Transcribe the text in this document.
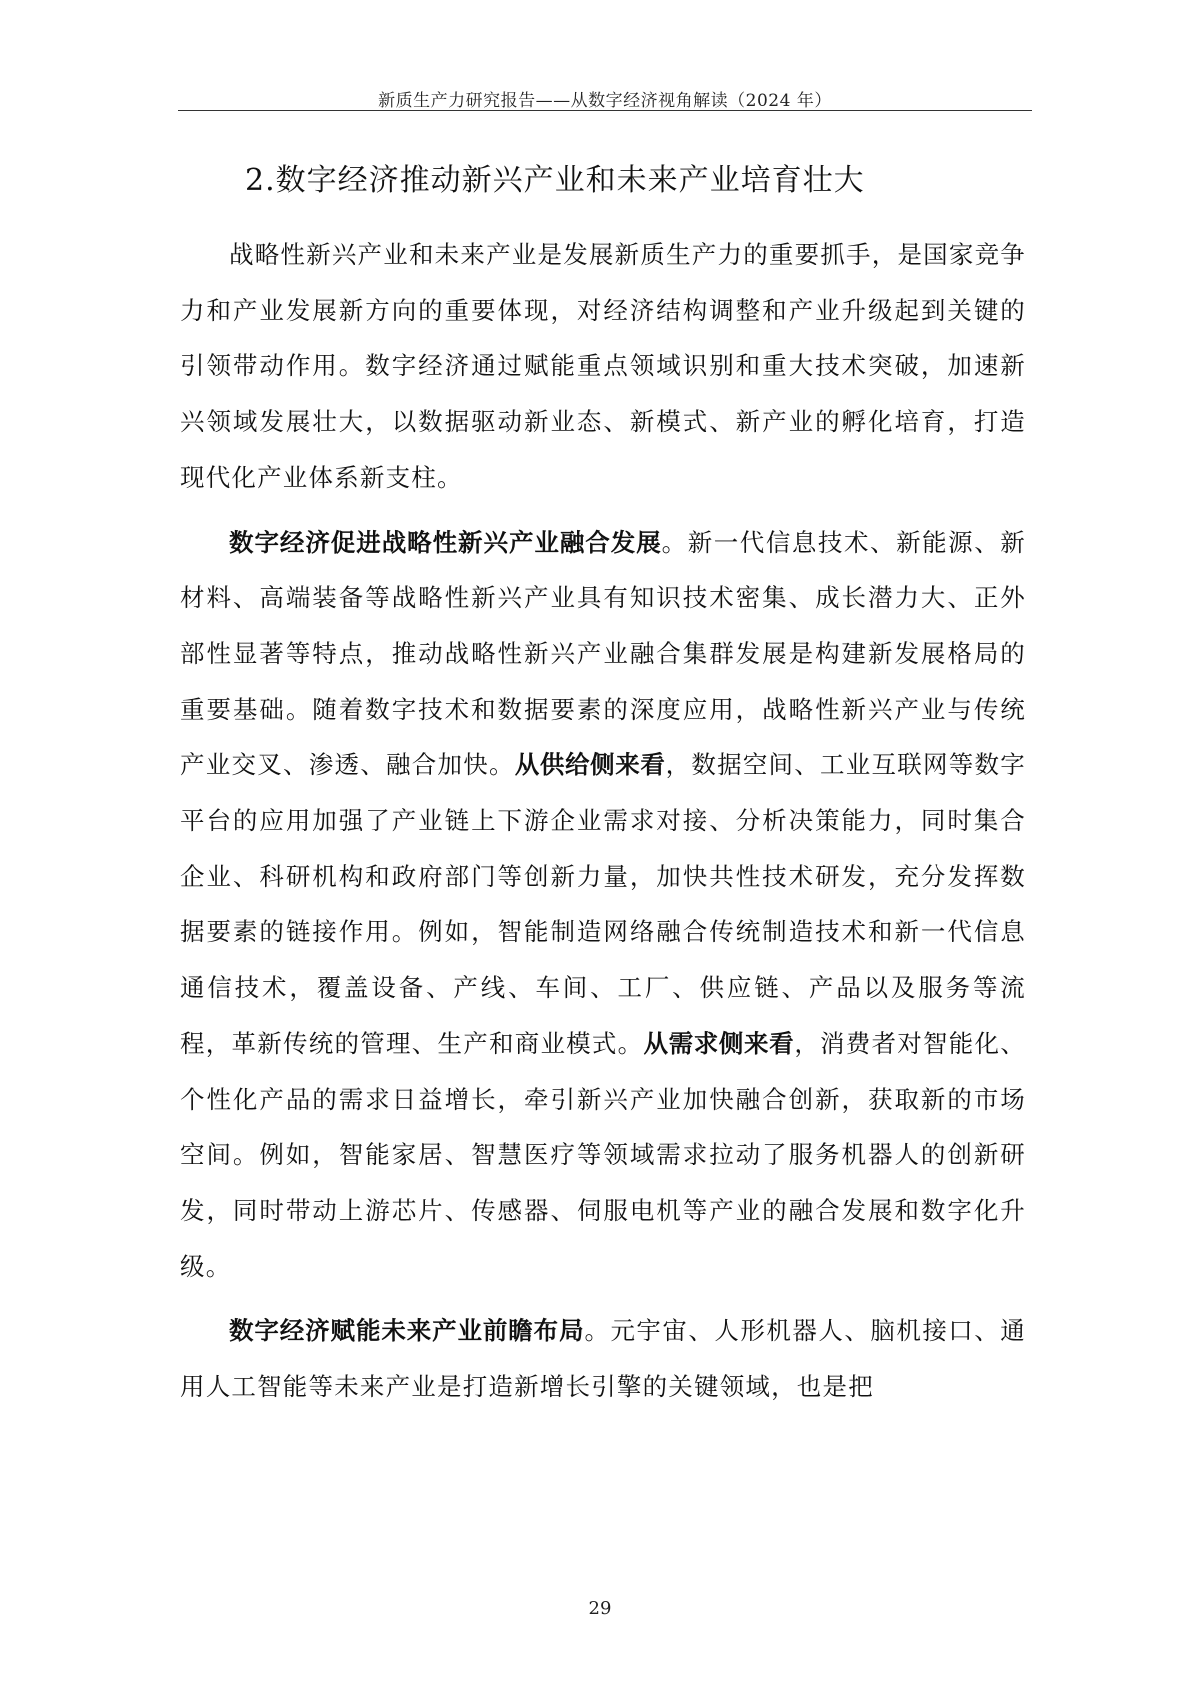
新质生产力研究报告——从数字经济视角解读（2024 年）
2.数字经济推动新兴产业和未来产业培育壮大

战略性新兴产业和未来产业是发展新质生产力的重要抓手，是国家竞争力和产业发展新方向的重要体现，对经济结构调整和产业升级起到关键的引领带动作用。数字经济通过赋能重点领域识别和重大技术突破，加速新兴领域发展壮大，以数据驱动新业态、新模式、新产业的孵化培育，打造现代化产业体系新支柱。

数字经济促进战略性新兴产业融合发展。新一代信息技术、新能源、新材料、高端装备等战略性新兴产业具有知识技术密集、成长潜力大、正外部性显著等特点，推动战略性新兴产业融合集群发展是构建新发展格局的重要基础。随着数字技术和数据要素的深度应用，战略性新兴产业与传统产业交叉、渗透、融合加快。从供给侧来看，数据空间、工业互联网等数字平台的应用加强了产业链上下游企业需求对接、分析决策能力，同时集合企业、科研机构和政府部门等创新力量，加快共性技术研发，充分发挥数据要素的链接作用。例如，智能制造网络融合传统制造技术和新一代信息通信技术，覆盖设备、产线、车间、工厂、供应链、产品以及服务等流程，革新传统的管理、生产和商业模式。从需求侧来看，消费者对智能化、个性化产品的需求日益增长，牵引新兴产业加快融合创新，获取新的市场空间。例如，智能家居、智慧医疗等领域需求拉动了服务机器人的创新研发，同时带动上游芯片、传感器、伺服电机等产业的融合发展和数字化升级。

数字经济赋能未来产业前瞻布局。元宇宙、人形机器人、脑机接口、通用人工智能等未来产业是打造新增长引擎的关键领域，也是把

29
